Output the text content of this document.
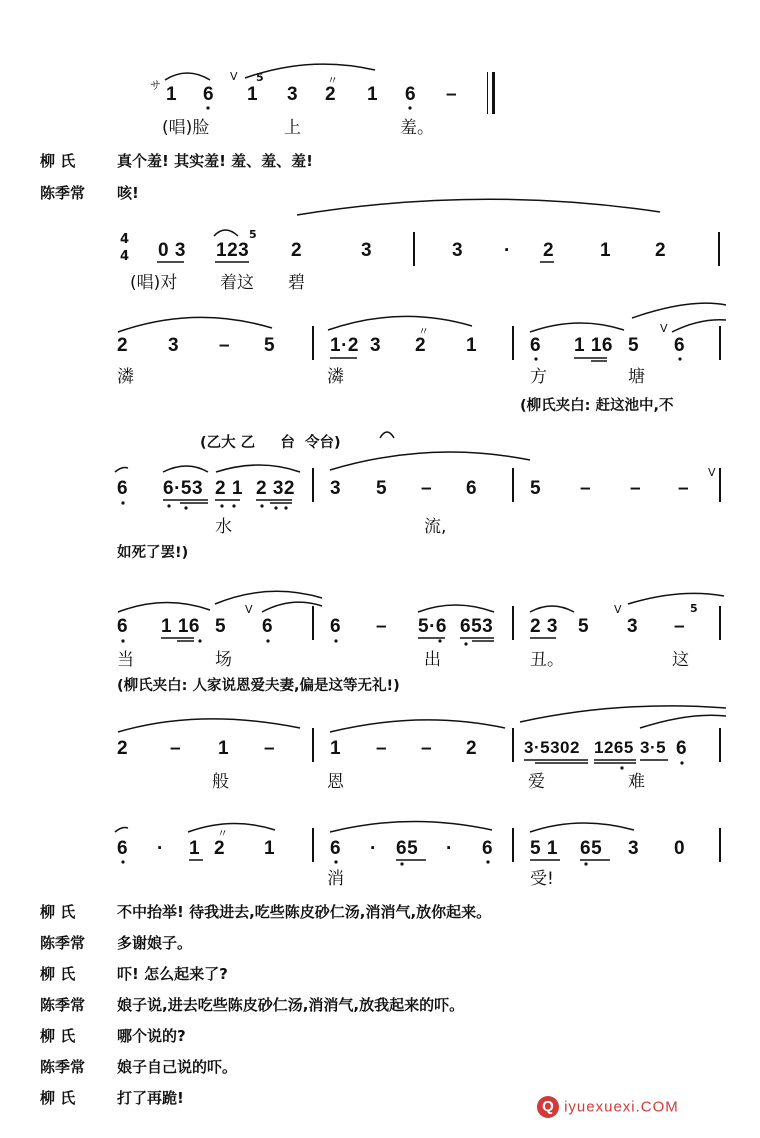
サ 1 6 1
5
V
3
〃
2 1 6 –
(唱)脸	上	羞。
柳 氏	真个羞! 其实羞! 羞、羞、羞!
陈季常 咳!
4
4 0 3 123
5
2	3	3 · 2 1 2
(唱)对	着这 碧
2 3 – 5	1·2 3
〃
2 1	6 1 16 5
V
6
潾	潾	方	塘
(柳氏夹白: 赶这池中,不
(乙大 乙     台  令台)
6 6·53 2 1 2 32 3 5 – 6	5 – – –
V
水	流,
如死了罢!)
6 1 16 5
V
6	6 – 5·6 653 2 3 5
V
3 –
5
当	场	出	丑。	这
(柳氏夹白: 人家说恩爱夫妻,偏是这等无礼!)
2 – 1 –	1 – – 2	3·5302 1265 3·5 6
般	恩	爱	难
6 · 1
〃
2 1	6 · 65 · 6 5 1 65 3 0
消	受!
柳 氏	不中抬举! 待我进去,吃些陈皮砂仁汤,消消气,放你起来。
陈季常 多谢娘子。
柳 氏	吓! 怎么起来了?
陈季常 娘子说,进去吃些陈皮砂仁汤,消消气,放我起来的吓。
柳 氏	哪个说的?
陈季常 娘子自己说的吓。
柳 氏	打了再跪!	Q iyuexuexi.COM
